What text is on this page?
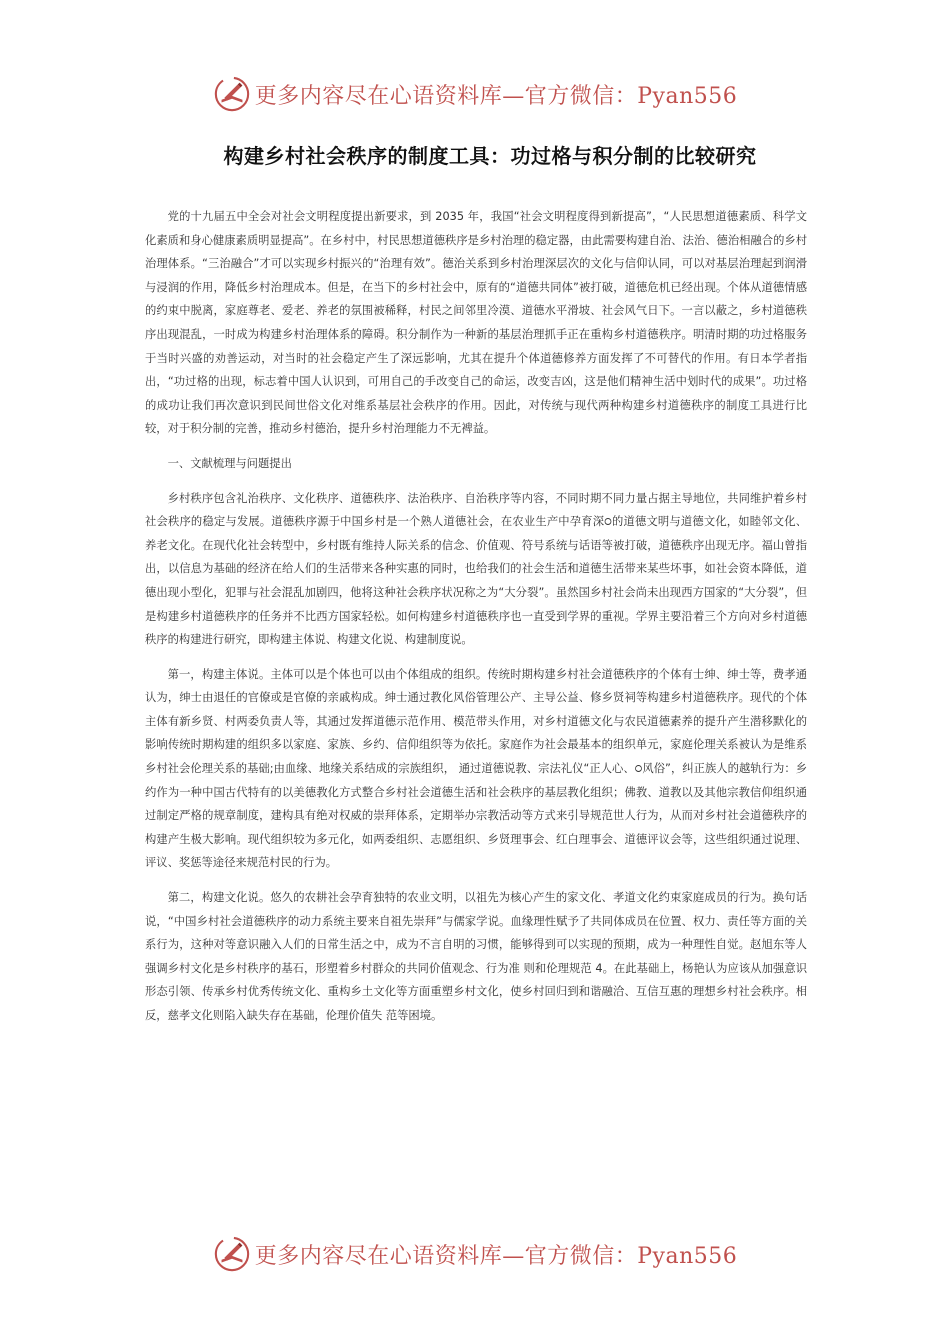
更多内容尽在心语资料库—官方微信：Pyan556
构建乡村社会秩序的制度工具：功过格与积分制的比较研究

党的十九届五中全会对社会文明程度提出新要求，到 2035 年，我国“社会文明程度得到新提高”，“人民思想道德素质、科学文化素质和身心健康素质明显提高”。在乡村中，村民思想道德秩序是乡村治理的稳定器，由此需要构建自治、法治、德治相融合的乡村治理体系。“三治融合”才可以实现乡村振兴的“治理有效”。德治关系到乡村治理深层次的文化与信仰认同，可以对基层治理起到润滑与浸润的作用，降低乡村治理成本。但是，在当下的乡村社会中，原有的“道德共同体”被打破，道德危机已经出现。个体从道德情感的约束中脱离，家庭尊老、爱老、养老的氛围被稀释，村民之间邻里冷漠、道德水平滑坡、社会风气日下。一言以蔽之，乡村道德秩序出现混乱，一时成为构建乡村治理体系的障碍。积分制作为一种新的基层治理抓手正在重构乡村道德秩序。明清时期的功过格服务于当时兴盛的劝善运动，对当时的社会稳定产生了深远影响，尤其在提升个体道德修养方面发挥了不可替代的作用。有日本学者指出，“功过格的出现，标志着中国人认识到，可用自己的手改变自己的命运，改变吉凶，这是他们精神生活中划时代的成果”。功过格的成功让我们再次意识到民间世俗文化对维系基层社会秩序的作用。因此，对传统与现代两种构建乡村道德秩序的制度工具进行比较，对于积分制的完善，推动乡村德治，提升乡村治理能力不无裨益。

一、文献梳理与问题提出

乡村秩序包含礼治秩序、文化秩序、道德秩序、法治秩序、自治秩序等内容，不同时期不同力量占据主导地位，共同维护着乡村社会秩序的稳定与发展。道德秩序源于中国乡村是一个熟人道德社会，在农业生产中孕育深੦的道德文明与道德文化，如睦邻文化、养老文化。在现代化社会转型中，乡村既有维持人际关系的信念、价值观、符号系统与话语等被打破，道德秩序出现无序。福山曾指出，以信息为基础的经济在给人们的生活带来各种实惠的同时，也给我们的社会生活和道德生活带来某些坏事，如社会资本降低，道德出现小型化，犯罪与社会混乱加剧四，他将这种社会秩序状况称之为“大分裂”。虽然国乡村社会尚未出现西方国家的“大分裂”，但是构建乡村道德秩序的任务并不比西方国家轻松。如何构建乡村道德秩序也一直受到学界的重视。学界主要沿着三个方向对乡村道德秩序的构建进行研究，即构建主体说、构建文化说、构建制度说。

第一，构建主体说。主体可以是个体也可以由个体组成的组织。传统时期构建乡村社会道德秩序的个体有士绅、绅士等，费孝通认为，绅士由退任的官僚或是官僚的亲戚构成。绅士通过教化风俗管理公产、主导公益、修乡贤祠等构建乡村道德秩序。现代的个体主体有新乡贤、村两委负责人等，其通过发挥道德示范作用、模范带头作用，对乡村道德文化与农民道德素养的提升产生潜移默化的影响传统时期构建的组织多以家庭、家族、乡约、信仰组织等为依托。家庭作为社会最基本的组织单元，家庭伦理关系被认为是维系乡村社会伦理关系的基础;由血缘、地缘关系结成的宗族组织， 通过道德说教、宗法礼仪“正人心、੦风俗”，纠正族人的越轨行为：乡约作为一种中国古代特有的以美德教化方式整合乡村社会道德生活和社会秩序的基层教化组织；佛教、道教以及其他宗教信仰组织通过制定严格的规章制度，建构具有绝对权威的崇拜体系，定期举办宗教活动等方式来引导规范世人行为，从而对乡村社会道德秩序的构建产生极大影响。现代组织较为多元化，如两委组织、志愿组织、乡贤理事会、红白理事会、道德评议会等，这些组织通过说理、评议、奖惩等途径来规范村民的行为。

第二，构建文化说。悠久的农耕社会孕育独特的农业文明，以祖先为核心产生的家文化、孝道文化约束家庭成员的行为。换句话说，“中国乡村社会道德秩序的动力系统主要来自祖先崇拜”与儒家学说。血缘理性赋予了共同体成员在位置、权力、责任等方面的关系行为，这种对等意识融入人们的日常生活之中，成为不言自明的习惯，能够得到可以实现的预期，成为一种理性自觉。赵旭东等人强调乡村文化是乡村秩序的基石，形塑着乡村群众的共同价值观念、行为准 则和伦理规范 4。在此基础上，杨艳认为应该从加强意识形态引领、传承乡村优秀传统文化、重构乡土文化等方面重塑乡村文化，使乡村回归到和谐融洽、互信互惠的理想乡村社会秩序。相反，慈孝文化则陷入缺失存在基础，伦理价值失 范等困境。

更多内容尽在心语资料库—官方微信：Pyan556
